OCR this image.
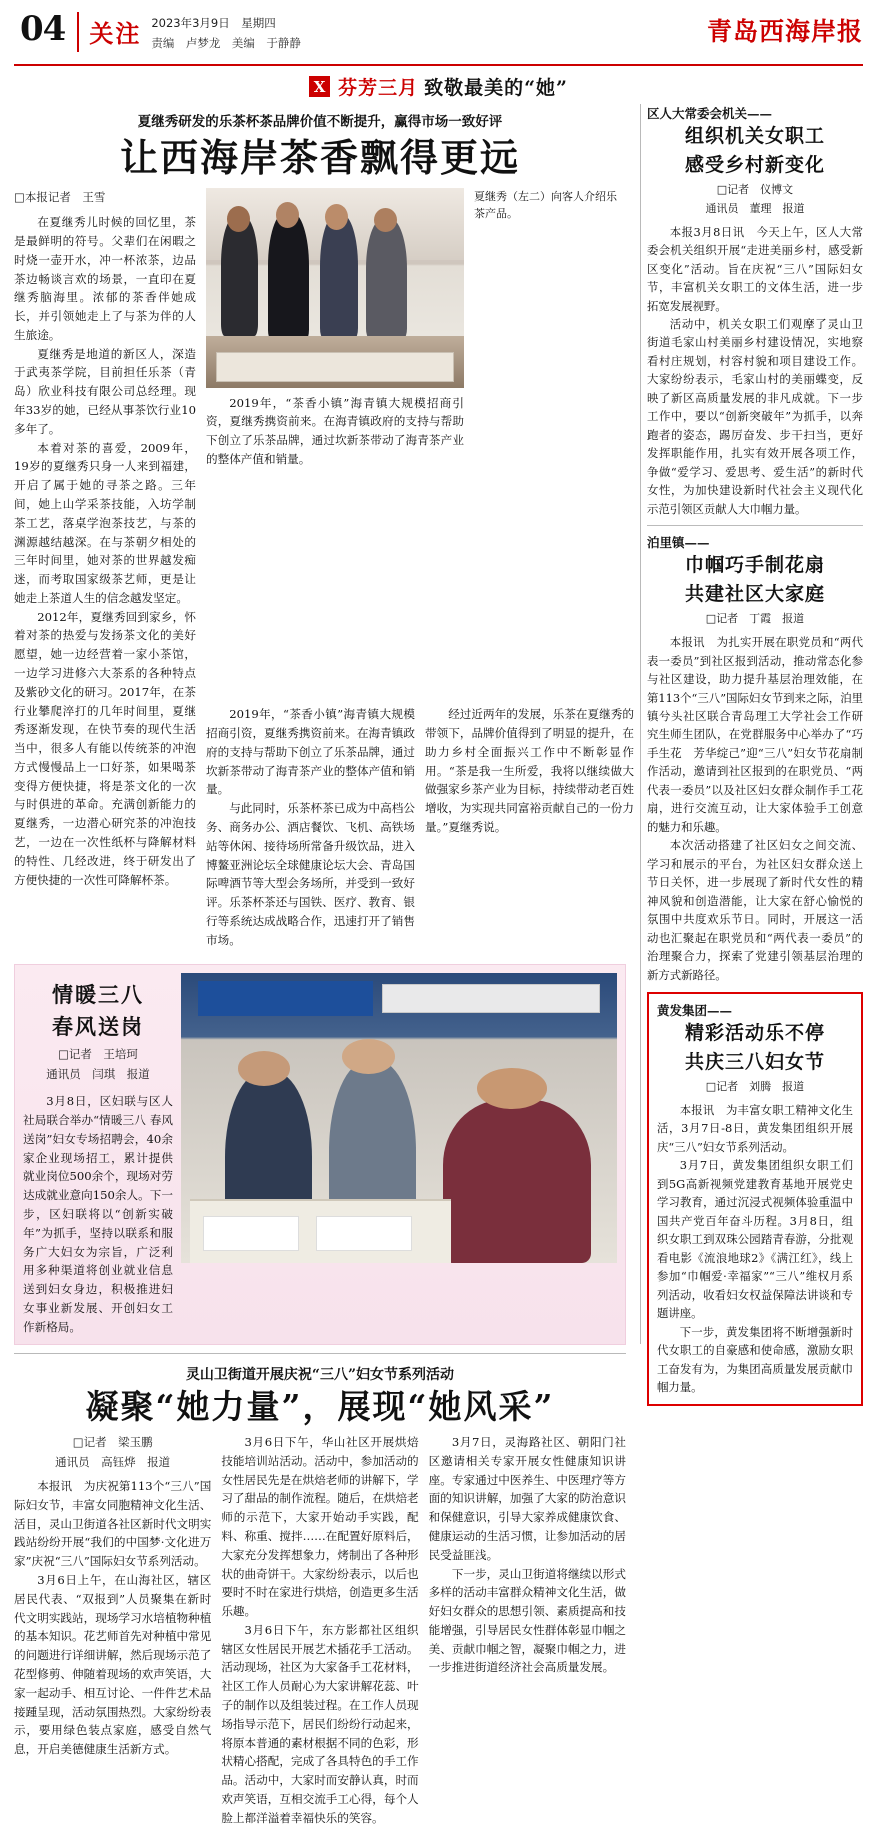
04	关注 2023年3月9日　星期四
责编　卢梦龙　美编　于静静	青岛西海岸报
X 芬芳三月 致敬最美的“她”
夏继秀研发的乐茶杯茶品牌价值不断提升，赢得市场一致好评
让西海岸茶香飘得更远
□本报记者　王雪

在夏继秀儿时候的回忆里，茶是最鲜明的符号。父辈们在闲暇之时烧一壶开水，冲一杯浓茶，边品茶边畅谈言欢的场景，一直印在夏继秀脑海里。浓郁的茶香伴她成长，并引领她走上了与茶为伴的人生旅途。

夏继秀是地道的新区人，深造于武夷茶学院，目前担任乐茶（青岛）欣业科技有限公司总经理。现年33岁的她，已经从事茶饮行业10多年了。

本着对茶的喜爱，2009年，19岁的夏继秀只身一人来到福建，开启了属于她的寻茶之路。三年间，她上山学采茶技能，入坊学制茶工艺，落桌学泡茶技艺，与茶的渊源越结越深。在与茶朝夕相处的三年时间里，她对茶的世界越发痴迷，而考取国家级茶艺师，更是让她走上茶道人生的信念越发坚定。

2012年，夏继秀回到家乡，怀着对茶的热爱与发扬茶文化的美好愿望，她一边经营着一家小茶馆，一边学习进修六大茶系的各种特点及紫砂文化的研习。2017年，在茶行业攀爬淬打的几年时间里，夏继秀逐渐发现，在快节奏的现代生活当中，很多人有能以传统茶的冲泡方式慢慢品上一口好茶，如果喝茶变得方便快捷，将是茶文化的一次与时俱进的革命。充满创新能力的夏继秀，一边潜心研究茶的冲泡技艺，一边在一次性纸杯与降解材料的特性、几经改进，终于研发出了方便快捷的一次性可降解杯茶。

2019年，“茶香小镇”海青镇大规模招商引资，夏继秀携资前来。在海青镇政府的支持与帮助下创立了乐茶品牌，通过坎新茶带动了海青茶产业的整体产值和销量。

夏继秀（左二）向客人介绍乐茶产品。

2019年，“茶香小镇”海青镇大规模招商引资，夏继秀携资前来。在海青镇政府的支持与帮助下创立了乐茶品牌，通过坎新茶带动了海青茶产业的整体产值和销量。

与此同时，乐茶杯茶已成为中高档公务、商务办公、酒店餐饮、飞机、高铁场站等休闲、接待场所常备升级饮品，进入博鳌亚洲论坛全球健康论坛大会、青岛国际啤酒节等大型会务场所，并受到一致好评。乐茶杯茶还与国铁、医疗、教育、银行等系统达成战略合作，迅速打开了销售市场。

经过近两年的发展，乐茶在夏继秀的带领下，品牌价值得到了明显的提升，在助力乡村全面振兴工作中不断彰显作用。“茶是我一生所爱，我将以继续做大做强家乡茶产业为目标，持续带动老百姓增收，为实现共同富裕贡献自己的一份力量。”夏继秀说。

情暖三八
春风送岗
□记者　王培珂
通讯员　闫琪　报道

3月8日，区妇联与区人社局联合举办“情暖三八 春风送岗”妇女专场招聘会，40余家企业现场招工，累计提供就业岗位500余个，现场对劳达成就业意向150余人。下一步，区妇联将以“创新实破年”为抓手，坚持以联系和服务广大妇女为宗旨，广泛利用多种渠道将创业就业信息送到妇女身边，积极推进妇女事业新发展、开创妇女工作新格局。

灵山卫街道开展庆祝“三八”妇女节系列活动
凝聚“她力量”，展现“她风采”
□记者　梁玉鹏
通讯员　高钰烨　报道

本报讯　为庆祝第113个“三八”国际妇女节，丰富女同胞精神文化生活、活目，灵山卫街道各社区新时代文明实践站纷纷开展“我们的中国梦·文化进万家”庆祝“三八”国际妇女节系列活动。

3月6日上午，在山海社区，辖区居民代表、“双报到”人员聚集在新时代文明实践站，现场学习水培植物种植的基本知识。花艺师首先对种植中常见的问题进行详细讲解，然后现场示范了花型修剪、伸随着现场的欢声笑语，大家一起动手、相互讨论、一件件艺术品接踵呈现，活动氛围热烈。大家纷纷表示，要用绿色装点家庭，感受自然气息，开启美德健康生活新方式。

3月6日下午，华山社区开展烘焙技能培训站活动。活动中，参加活动的女性居民先是在烘焙老师的讲解下，学习了甜品的制作流程。随后，在烘焙老师的示范下，大家开始动手实践，配料、称重、搅拌……在配置好原料后，大家充分发挥想象力，烤制出了各种形状的曲奇饼干。大家纷纷表示，以后也要时不时在家进行烘焙，创造更多生活乐趣。

3月6日下午，东方影都社区组织辖区女性居民开展艺术插花手工活动。活动现场，社区为大家备手工花材料，社区工作人员耐心为大家讲解花蕊、叶子的制作以及组装过程。在工作人员现场指导示范下，居民们纷纷行动起来，将原本普通的素材根据不同的色彩，形状精心搭配，完成了各具特色的手工作品。活动中，大家时而安静认真，时而欢声笑语，互相交流手工心得，每个人脸上都洋溢着幸福快乐的笑容。

3月7日，灵海路社区、朝阳门社区邀请相关专家开展女性健康知识讲座。专家通过中医养生、中医理疗等方面的知识讲解，加强了大家的防治意识和保健意识，引导大家养成健康饮食、健康运动的生活习惯，让参加活动的居民受益匪浅。

下一步，灵山卫街道将继续以形式多样的活动丰富群众精神文化生活，做好妇女群众的思想引领、素质提高和技能增强，引导居民女性群体彰显巾帼之美、贡献巾帼之智，凝聚巾帼之力，进一步推进街道经济社会高质量发展。

区人大常委会机关——
组织机关女职工
感受乡村新变化
□记者　仪博文
通讯员　董理　报道

本报3月8日讯　今天上午，区人大常委会机关组织开展“走进美丽乡村，感受新区变化”活动。旨在庆祝“三八”国际妇女节，丰富机关女职工的文体生活，进一步拓宽发展视野。

活动中，机关女职工们观摩了灵山卫街道毛家山村美丽乡村建设情况，实地察看村庄规划，村容村貌和项目建设工作。大家纷纷表示，毛家山村的美丽蝶变，反映了新区高质量发展的非凡成就。下一步工作中，要以“创新突破年”为抓手，以奔跑者的姿态，踢厉奋发、步干扫当，更好发挥职能作用，扎实有效开展各项工作，争做“爱学习、爱思考、爱生活”的新时代女性，为加快建设新时代社会主义现代化示范引领区贡献人大巾帼力量。

泊里镇——
巾帼巧手制花扇
共建社区大家庭
□记者　丁霞　报道

本报讯　为扎实开展在职党员和“两代表一委员”到社区报到活动，推动常态化参与社区建设，助力提升基层治理效能，在第113个“三八”国际妇女节到来之际，泊里镇兮头社区联合青岛理工大学社会工作研究生师生团队，在党群服务中心举办了“巧手生花　芳华绽己”迎“三八”妇女节花扇制作活动，邀请到社区报到的在职党员、“两代表一委员”以及社区妇女群众制作手工花扇，进行交流互动，让大家体验手工创意的魅力和乐趣。

本次活动搭建了社区妇女之间交流、学习和展示的平台，为社区妇女群众送上节日关怀，进一步展现了新时代女性的精神风貌和创造潜能，让大家在舒心愉悦的氛围中共度欢乐节日。同时，开展这一活动也汇聚起在职党员和“两代表一委员”的治理聚合力，探索了党建引领基层治理的新方式新路径。

黄发集团——
精彩活动乐不停
共庆三八妇女节
□记者　刘腾　报道

本报讯　为丰富女职工精神文化生活，3月7日-8日，黄发集团组织开展庆“三八”妇女节系列活动。

3月7日，黄发集团组织女职工们到5G高新视频党建教育基地开展党史学习教育，通过沉浸式视频体验重温中国共产党百年奋斗历程。3月8日，组织女职工到双珠公园踏青春游，分批观看电影《流浪地球2》《满江红》，线上参加“巾帼爱·幸福家”“三八”维权月系列活动，收看妇女权益保障法讲谈和专题讲座。

下一步，黄发集团将不断增强新时代女职工的自豪感和使命感，激励女职工奋发有为，为集团高质量发展贡献巾帼力量。
